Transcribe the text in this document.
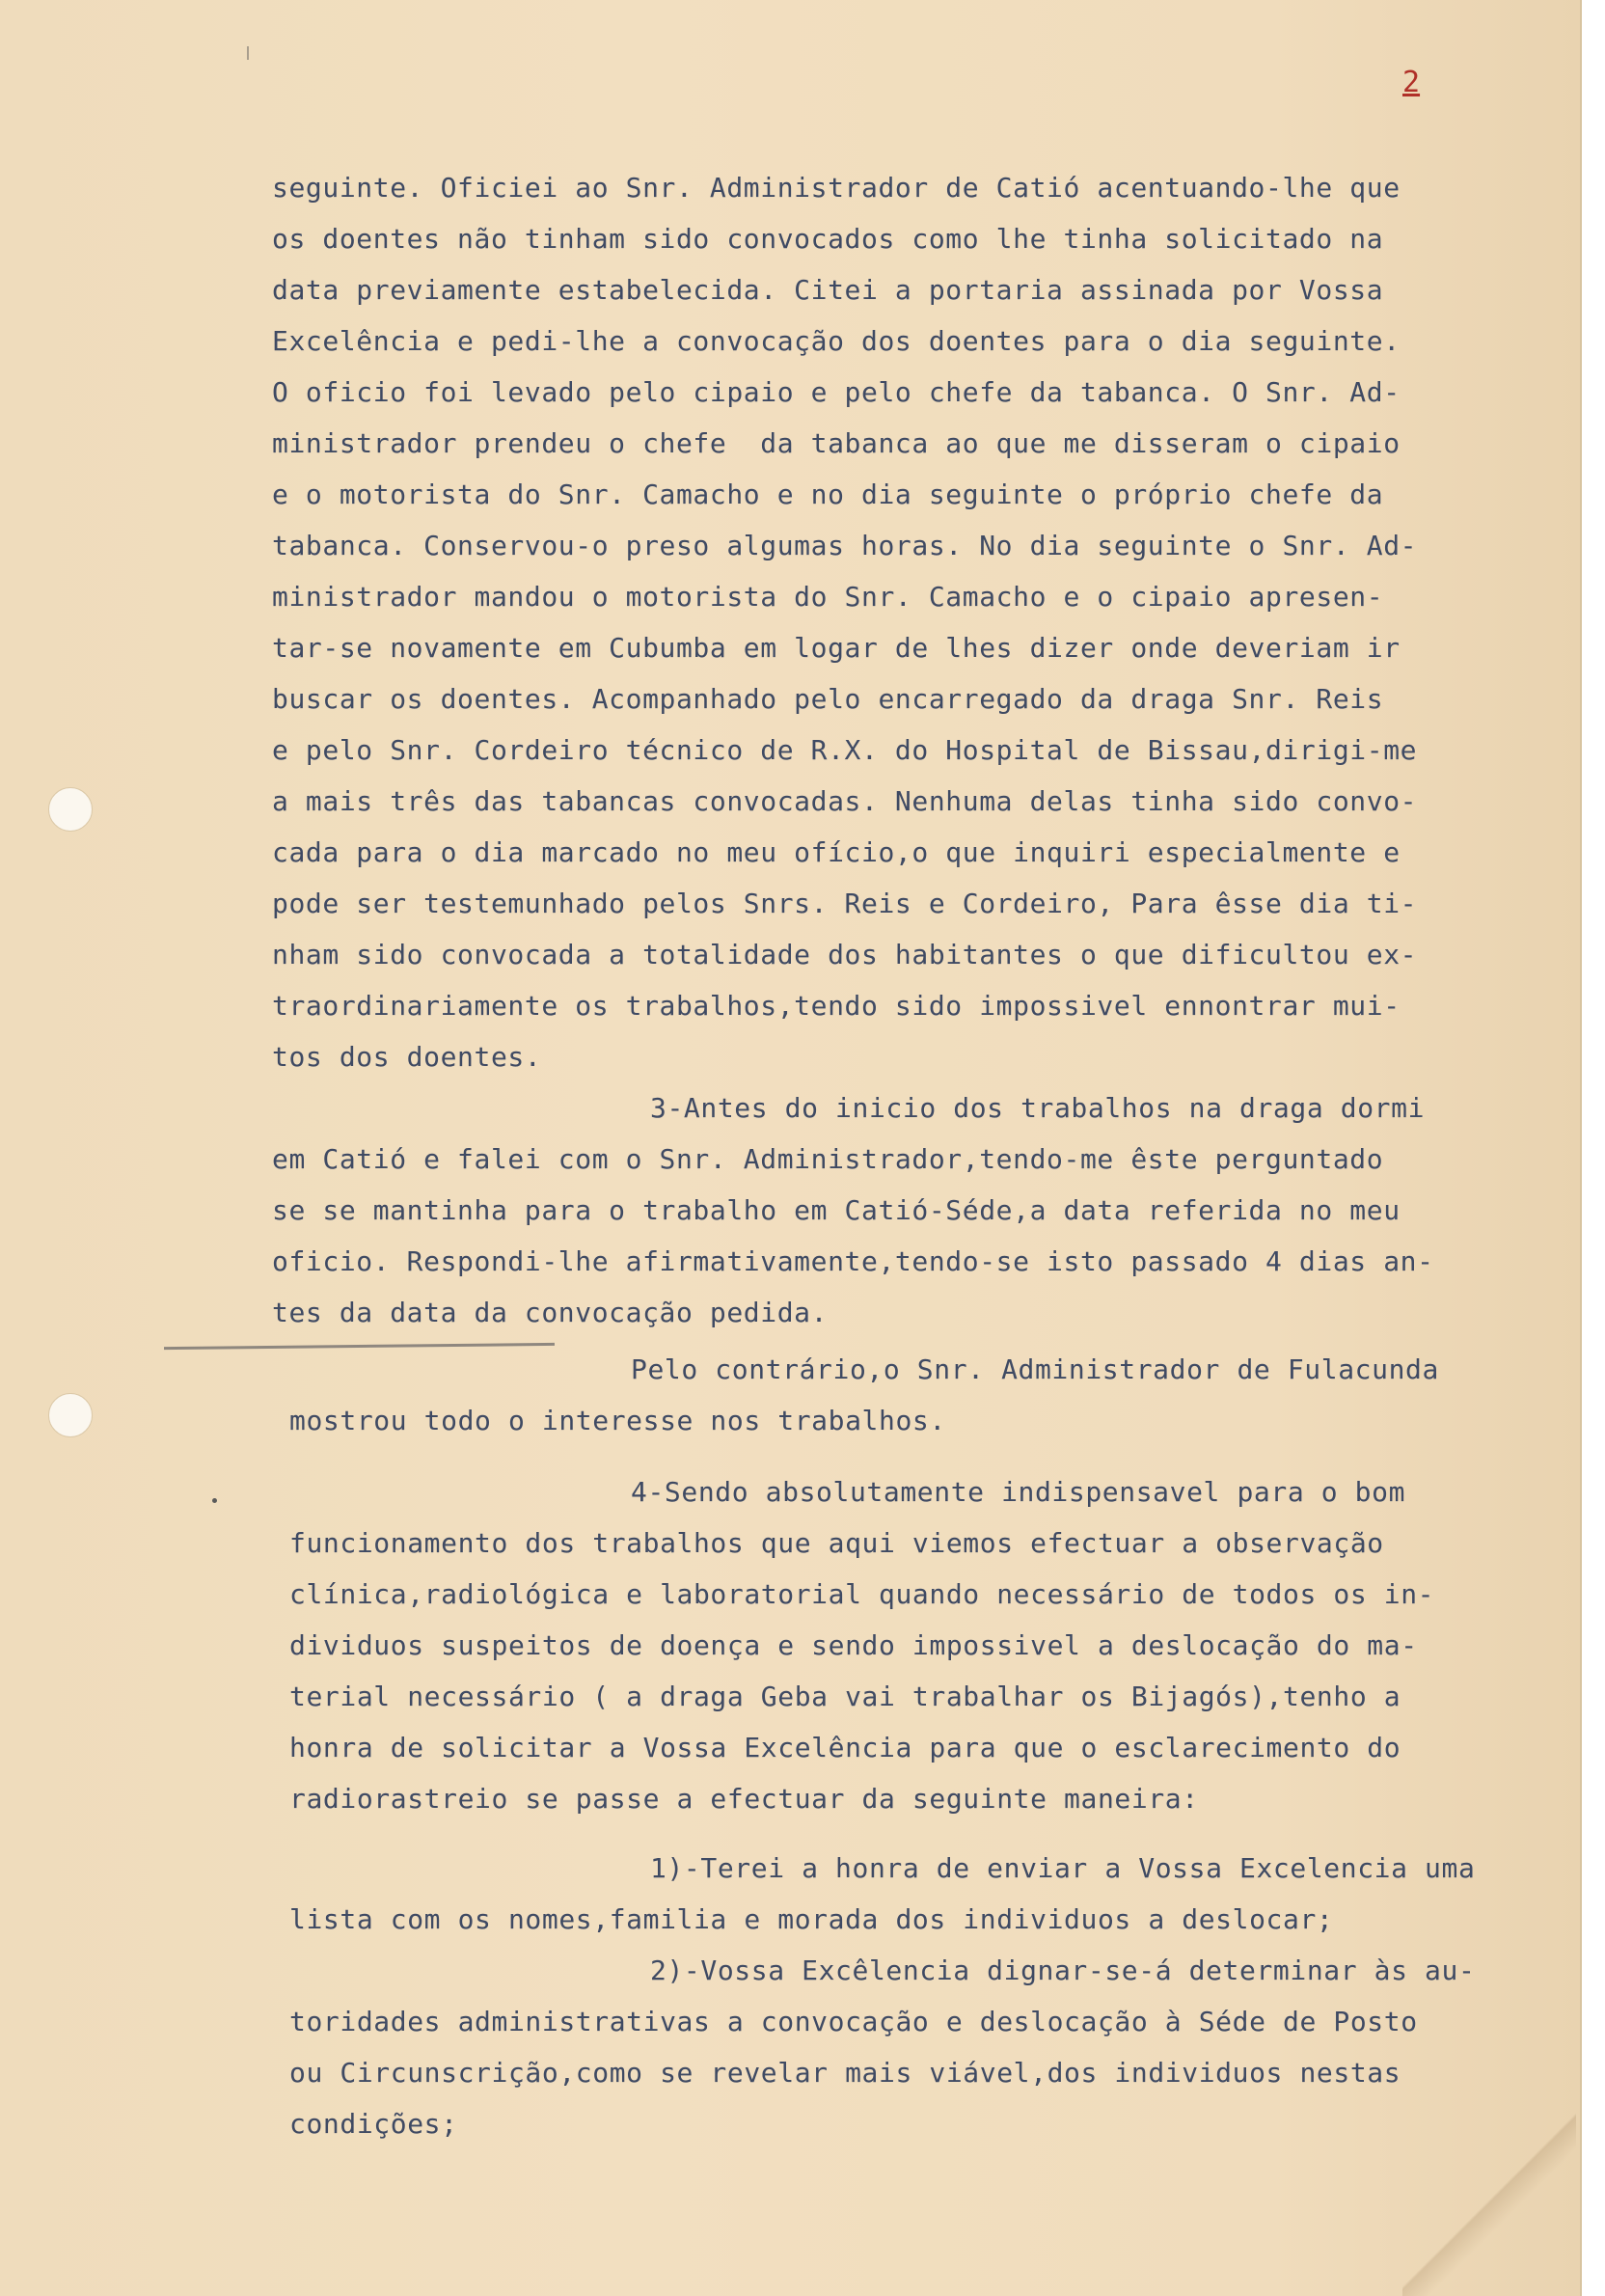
2
seguinte. Oficiei ao Snr. Administrador de Catió acentuando-lhe que
os doentes não tinham sido convocados como lhe tinha solicitado na
data previamente estabelecida. Citei a portaria assinada por Vossa
Excelência e pedi-lhe a convocação dos doentes para o dia seguinte.
O oficio foi levado pelo cipaio e pelo chefe da tabanca. O Snr. Ad-
ministrador prendeu o chefe  da tabanca ao que me disseram o cipaio
e o motorista do Snr. Camacho e no dia seguinte o próprio chefe da
tabanca. Conservou-o preso algumas horas. No dia seguinte o Snr. Ad-
ministrador mandou o motorista do Snr. Camacho e o cipaio apresen-
tar-se novamente em Cubumba em logar de lhes dizer onde deveriam ir
buscar os doentes. Acompanhado pelo encarregado da draga Snr. Reis
e pelo Snr. Cordeiro técnico de R.X. do Hospital de Bissau,dirigi-me
a mais três das tabancas convocadas. Nenhuma delas tinha sido convo-
cada para o dia marcado no meu ofício,o que inquiri especialmente e
pode ser testemunhado pelos Snrs. Reis e Cordeiro, Para êsse dia ti-
nham sido convocada a totalidade dos habitantes o que dificultou ex-
traordinariamente os trabalhos,tendo sido impossivel ennontrar mui-
tos dos doentes.
3-Antes do inicio dos trabalhos na draga dormi
em Catió e falei com o Snr. Administrador,tendo-me êste perguntado
se se mantinha para o trabalho em Catió-Séde,a data referida no meu
oficio. Respondi-lhe afirmativamente,tendo-se isto passado 4 dias an-
tes da data da convocação pedida.
Pelo contrário,o Snr. Administrador de Fulacunda
mostrou todo o interesse nos trabalhos.
4-Sendo absolutamente indispensavel para o bom
funcionamento dos trabalhos que aqui viemos efectuar a observação
clínica,radiológica e laboratorial quando necessário de todos os in-
dividuos suspeitos de doença e sendo impossivel a deslocação do ma-
terial necessário ( a draga Geba vai trabalhar os Bijagós),tenho a
honra de solicitar a Vossa Excelência para que o esclarecimento do
radiorastreio se passe a efectuar da seguinte maneira:
1)-Terei a honra de enviar a Vossa Excelencia uma
lista com os nomes,familia e morada dos individuos a deslocar;
2)-Vossa Excêlencia dignar-se-á determinar às au-
toridades administrativas a convocação e deslocação à Séde de Posto
ou Circunscrição,como se revelar mais viável,dos individuos nestas
condições;
